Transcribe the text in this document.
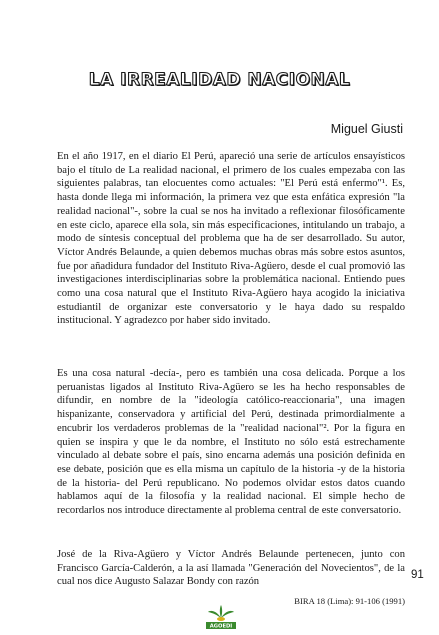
LA IRREALIDAD NACIONAL
Miguel Giusti

En el año 1917, en el diario El Perú, apareció una serie de artículos ensayísticos bajo el título de La realidad nacional, el primero de los cuales empezaba con las siguientes palabras, tan elocuentes como actuales: "El Perú está enfermo"¹. Es, hasta donde llega mi información, la primera vez que esta enfática expresión "la realidad nacional"-, sobre la cual se nos ha invitado a reflexionar filosóficamente en este ciclo, aparece ella sola, sin más especificaciones, intitulando un trabajo, a modo de síntesis conceptual del problema que ha de ser desarrollado. Su autor, Víctor Andrés Belaunde, a quien debemos muchas obras más sobre estos asuntos, fue por añadidura fundador del Instituto Riva-Agüero, desde el cual promovió las investigaciones interdisciplinarias sobre la problemática nacional. Entiendo pues como una cosa natural que el Instituto Riva-Agüero haya acogido la iniciativa estudiantil de organizar este conversatorio y le haya dado su respaldo institucional. Y agradezco por haber sido invitado.

Es una cosa natural -decía-, pero es también una cosa delicada. Porque a los peruanistas ligados al Instituto Riva-Agüero se les ha hecho responsables de difundir, en nombre de la "ideología católico-reaccionaria", una imagen hispanizante, conservadora y artificial del Perú, destinada primordialmente a encubrir los verdaderos problemas de la "realidad nacional"². Por la figura en quien se inspira y que le da nombre, el Instituto no sólo está estrechamente vinculado al debate sobre el país, sino encarna además una posición definida en ese debate, posición que es ella misma un capítulo de la historia -y de la historia de la historia- del Perú republicano. No podemos olvidar estos datos cuando hablamos aquí de la filosofía y la realidad nacional. El simple hecho de recordarlos nos introduce directamente al problema central de este conversatorio.

José de la Riva-Agüero y Víctor Andrés Belaunde pertenecen, junto con Francisco García-Calderón, a la así llamada "Generación del Novecientos", de la cual nos dice Augusto Salazar Bondy con razón

91
BIRA 18 (Lima): 91-106 (1991)
AGOEDI
